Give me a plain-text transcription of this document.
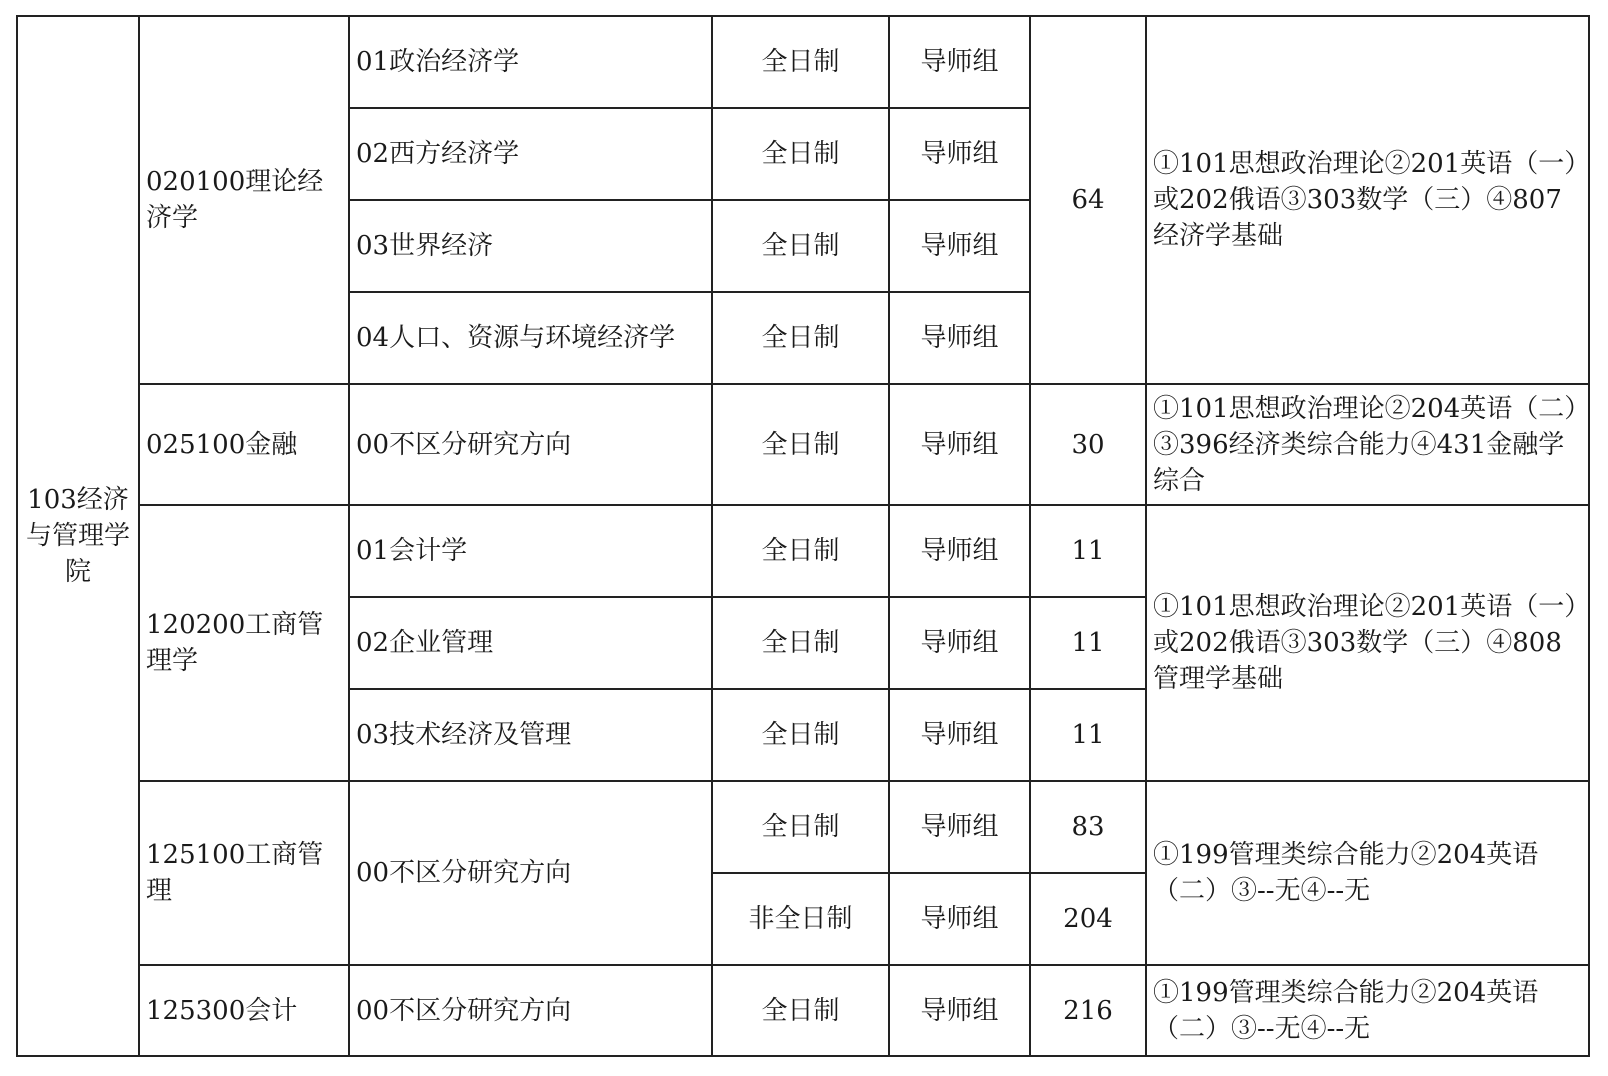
103经济与管理学院	020100理论经济学	01政治经济学	全日制	导师组	64	①101思想政治理论②201英语（一）或202俄语③303数学（三）④807经济学基础
		02西方经济学	全日制	导师组		
		03世界经济	全日制	导师组		
		04人口、资源与环境经济学	全日制	导师组		
	025100金融	00不区分研究方向	全日制	导师组	30	①101思想政治理论②204英语（二）③396经济类综合能力④431金融学综合
	120200工商管理学	01会计学	全日制	导师组	11	①101思想政治理论②201英语（一）或202俄语③303数学（三）④808管理学基础
		02企业管理	全日制	导师组	11	
		03技术经济及管理	全日制	导师组	11	
	125100工商管理	00不区分研究方向	全日制	导师组	83	①199管理类综合能力②204英语（二）③--无④--无
			非全日制	导师组	204	
	125300会计	00不区分研究方向	全日制	导师组	216	①199管理类综合能力②204英语（二）③--无④--无
